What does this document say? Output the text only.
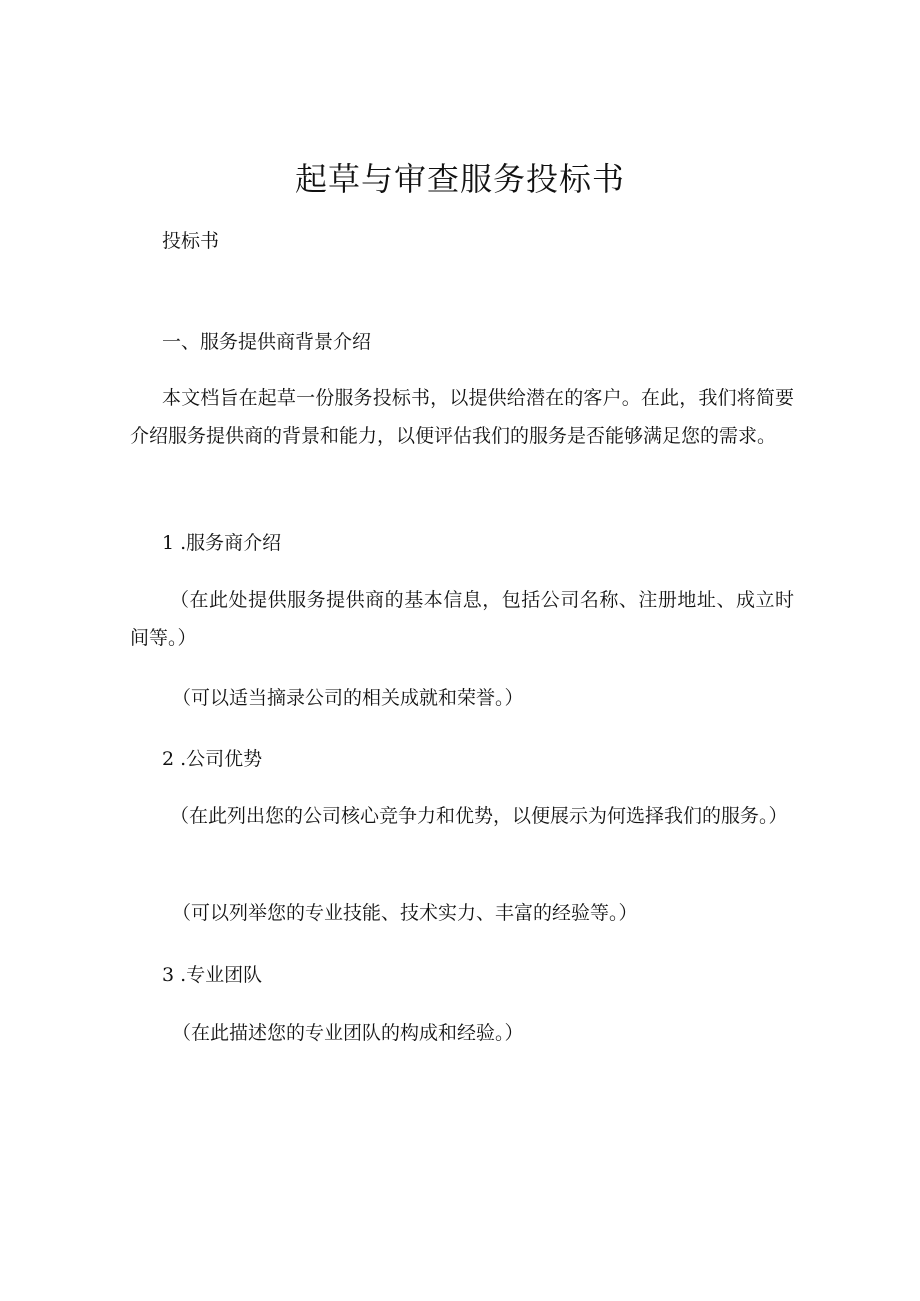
起草与审查服务投标书

投标书

一、服务提供商背景介绍

本文档旨在起草一份服务投标书，以提供给潜在的客户。在此，我们将简要介绍服务提供商的背景和能力，以便评估我们的服务是否能够满足您的需求。

1 .服务商介绍

（在此处提供服务提供商的基本信息，包括公司名称、注册地址、成立时间等。）

（可以适当摘录公司的相关成就和荣誉。）

2 .公司优势

（在此列出您的公司核心竞争力和优势，以便展示为何选择我们的服务。）

（可以列举您的专业技能、技术实力、丰富的经验等。）

3 .专业团队

（在此描述您的专业团队的构成和经验。）
